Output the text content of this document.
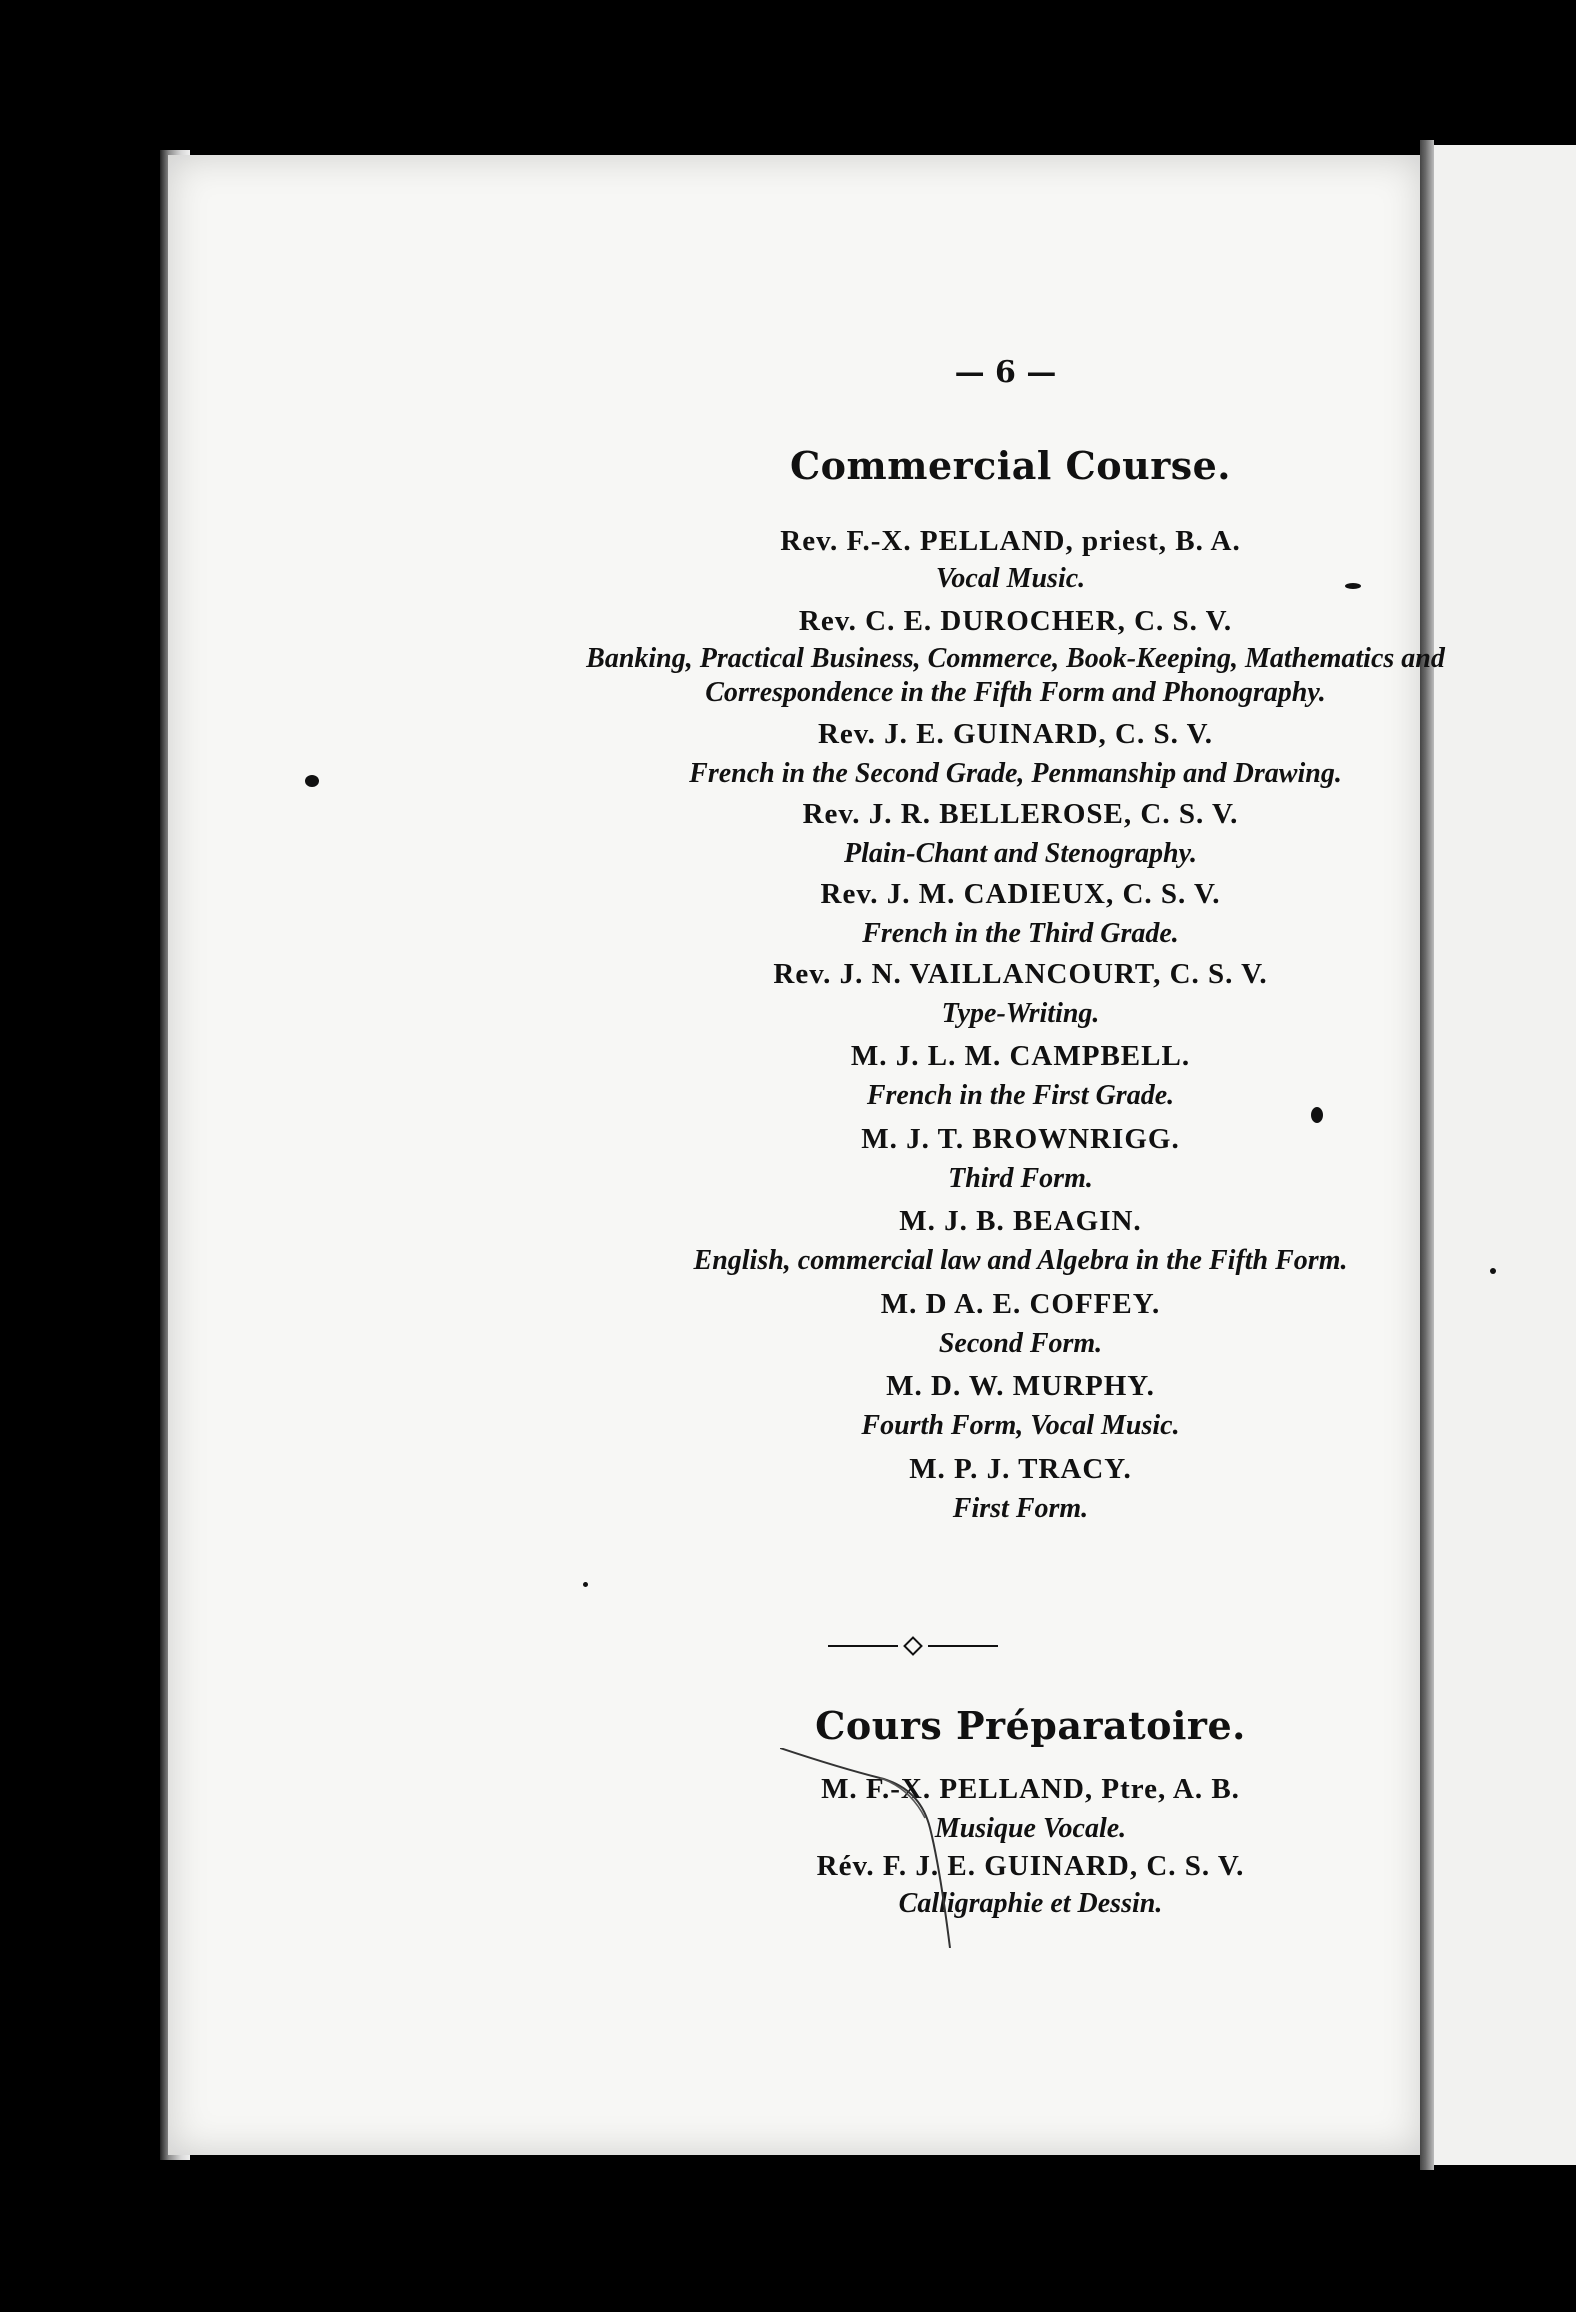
— 6 —
Commercial Course.
Rev. F.-X. PELLAND, priest, B. A.
Vocal Music.
Rev. C. E. DUROCHER, C. S. V.
Banking, Practical Business, Commerce, Book-Keeping, Mathematics and
Correspondence in the Fifth Form and Phonography.
Rev. J. E. GUINARD, C. S. V.
French in the Second Grade, Penmanship and Drawing.
Rev. J. R. BELLEROSE, C. S. V.
Plain-Chant and Stenography.
Rev. J. M. CADIEUX, C. S. V.
French in the Third Grade.
Rev. J. N. VAILLANCOURT, C. S. V.
Type-Writing.
M. J. L. M. CAMPBELL.
French in the First Grade.
M. J. T. BROWNRIGG.
Third Form.
M. J. B. BEAGIN.
English, commercial law and Algebra in the Fifth Form.
M. D A. E. COFFEY.
Second Form.
M. D. W. MURPHY.
Fourth Form, Vocal Music.
M. P. J. TRACY.
First Form.
Cours Préparatoire.
M. F.-X. PELLAND, Ptre, A. B.
Musique Vocale.
Rév. F. J. E. GUINARD, C. S. V.
Calligraphie et Dessin.
